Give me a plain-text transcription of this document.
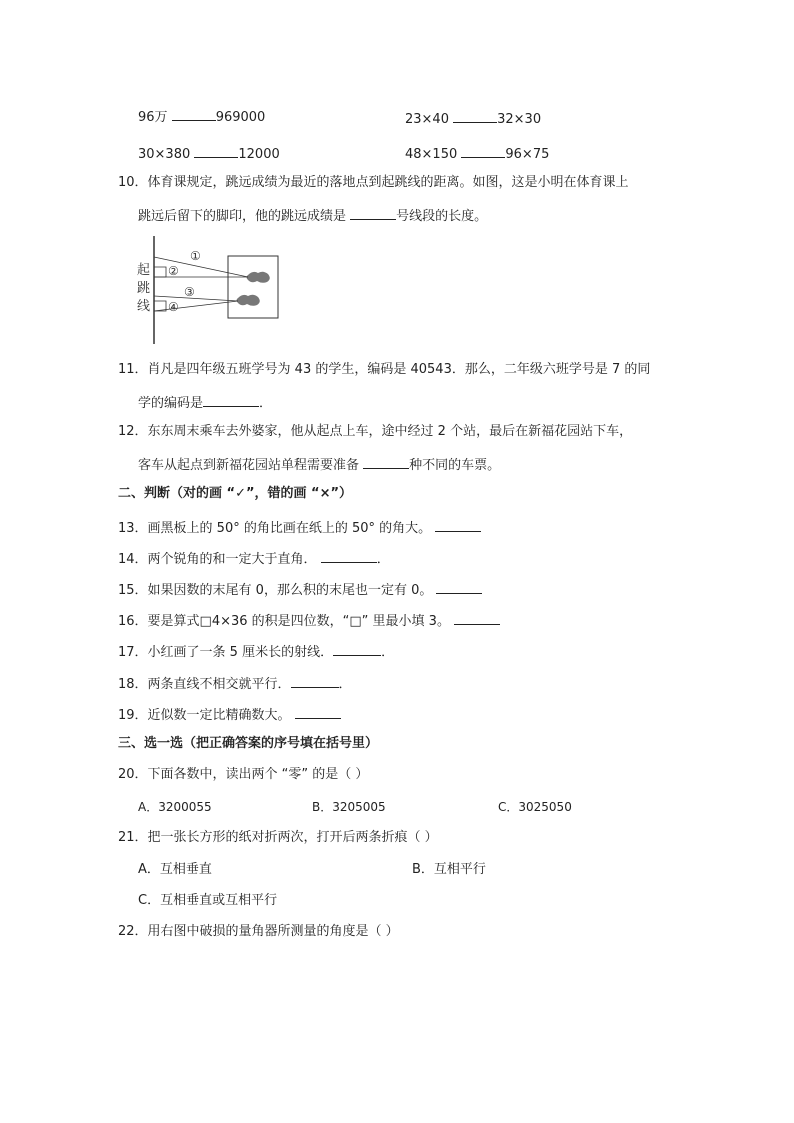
96万	969000	23×40	32×30
30×380	12000	48×150	96×75
10．体育课规定，跳远成绩为最近的落地点到起跳线的距离。如图，这是小明在体育课上
跳远后留下的脚印，他的跳远成绩是	号线段的长度。
起
跳
线
①
②
③
④
11．肖凡是四年级五班学号为 43 的学生，编码是 40543．那么，二年级六班学号是 7 的同
学的编码是	．
12．东东周末乘车去外婆家，他从起点上车，途中经过 2 个站，最后在新福花园站下车，
客车从起点到新福花园站单程需要准备	种不同的车票。
二、判断（对的画 “✓”，错的画 “×”）
13．画黑板上的 50° 的角比画在纸上的 50° 的角大。
14．两个锐角的和一定大于直角．	．
15．如果因数的末尾有 0，那么积的末尾也一定有 0。
16．要是算式□4×36 的积是四位数，“□” 里最小填 3。
17．小红画了一条 5 厘米长的射线．	．
18．两条直线不相交就平行．	．
19．近似数一定比精确数大。
三、选一选（把正确答案的序号填在括号里）
20．下面各数中，读出两个 “零” 的是（ ）
A．3200055	B．3205005	C．3025050
21．把一张长方形的纸对折两次，打开后两条折痕（ ）
A．互相垂直	B．互相平行
C．互相垂直或互相平行
22．用右图中破损的量角器所测量的角度是（ ）
